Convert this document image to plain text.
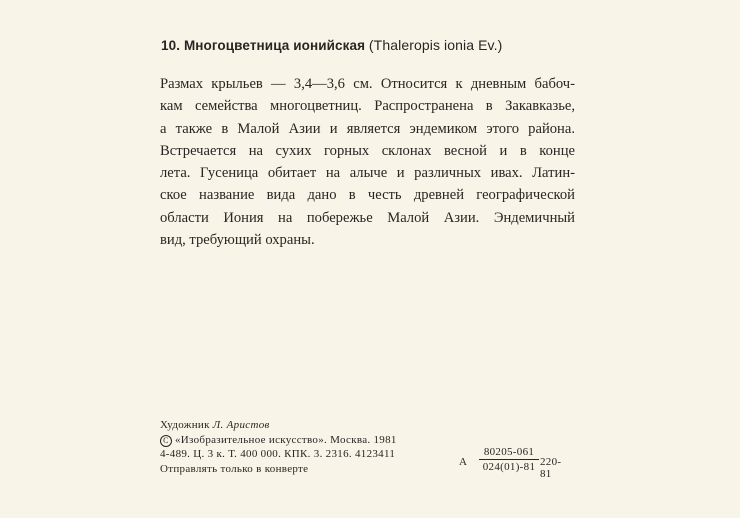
10. Многоцветница ионийская (Thaleropis ionia Ev.)

Размах крыльев — 3,4—3,6 см. Относится к дневным бабоч-
кам семейства многоцветниц. Распространена в Закавказье,
а также в Малой Азии и является эндемиком этого района.
Встречается на сухих горных склонах весной и в конце
лета. Гусеница обитает на алыче и различных ивах. Латин-
ское название вида дано в честь древней географической
области Иония на побережье Малой Азии. Эндемичный
вид, требующий охраны.

Художник Л. Аристов
C «Изобразительное искусство». Москва. 1981
4-489. Ц. 3 к. Т. 400 000. КПК. 3. 2316. 4123411
Отправлять только в конверте
А $\frac{80205-061}{024(01)-81} 220-81$
